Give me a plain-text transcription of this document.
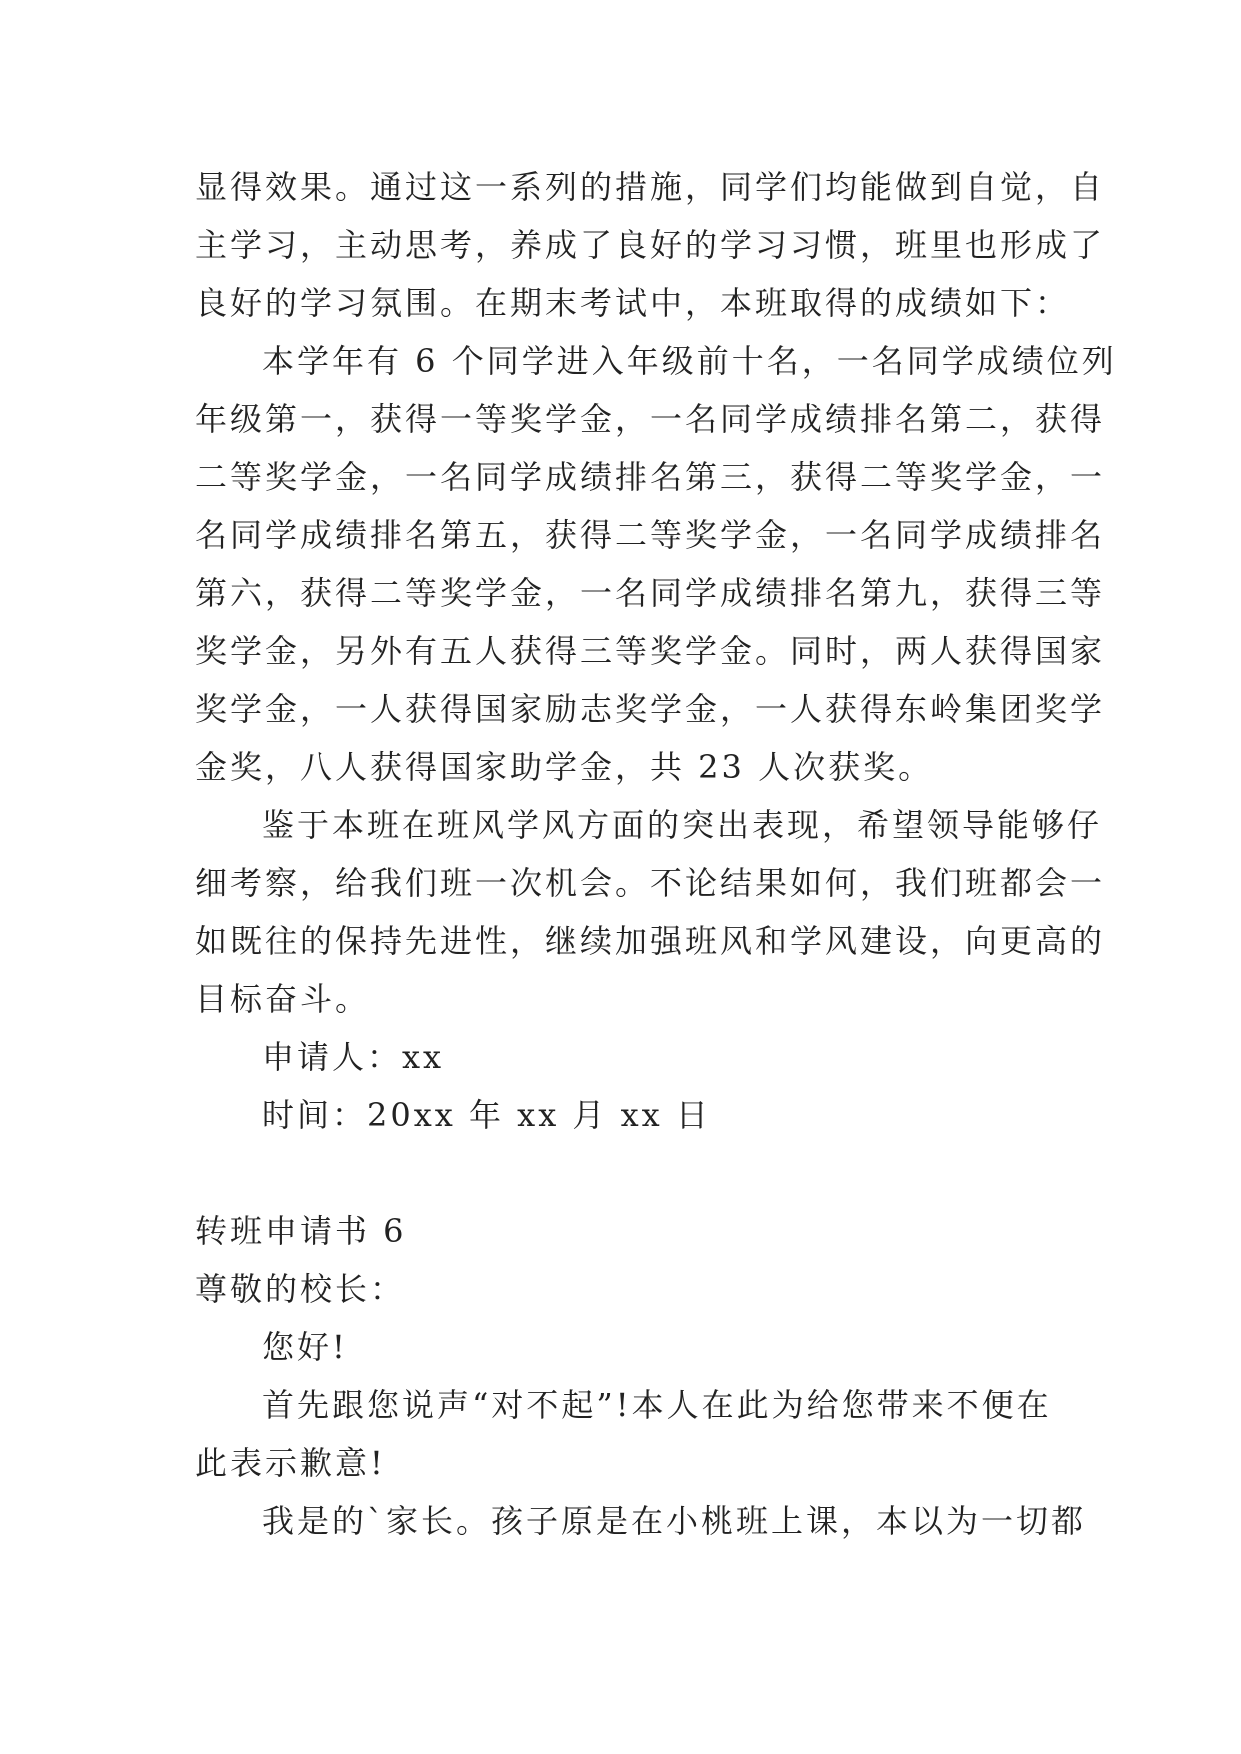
显得效果。通过这一系列的措施，同学们均能做到自觉，自
主学习，主动思考，养成了良好的学习习惯，班里也形成了
良好的学习氛围。在期末考试中，本班取得的成绩如下：
本学年有 6 个同学进入年级前十名，一名同学成绩位列
年级第一，获得一等奖学金，一名同学成绩排名第二，获得
二等奖学金，一名同学成绩排名第三，获得二等奖学金，一
名同学成绩排名第五，获得二等奖学金，一名同学成绩排名
第六，获得二等奖学金，一名同学成绩排名第九，获得三等
奖学金，另外有五人获得三等奖学金。同时，两人获得国家
奖学金，一人获得国家励志奖学金，一人获得东岭集团奖学
金奖，八人获得国家助学金，共 23 人次获奖。
鉴于本班在班风学风方面的突出表现，希望领导能够仔
细考察，给我们班一次机会。不论结果如何，我们班都会一
如既往的保持先进性，继续加强班风和学风建设，向更高的
目标奋斗。
申请人：xx
时间：20xx 年 xx 月 xx 日
转班申请书 6
尊敬的校长：
您好!
首先跟您说声“对不起”!本人在此为给您带来不便在
此表示歉意!
我是的`家长。孩子原是在小桃班上课，本以为一切都
